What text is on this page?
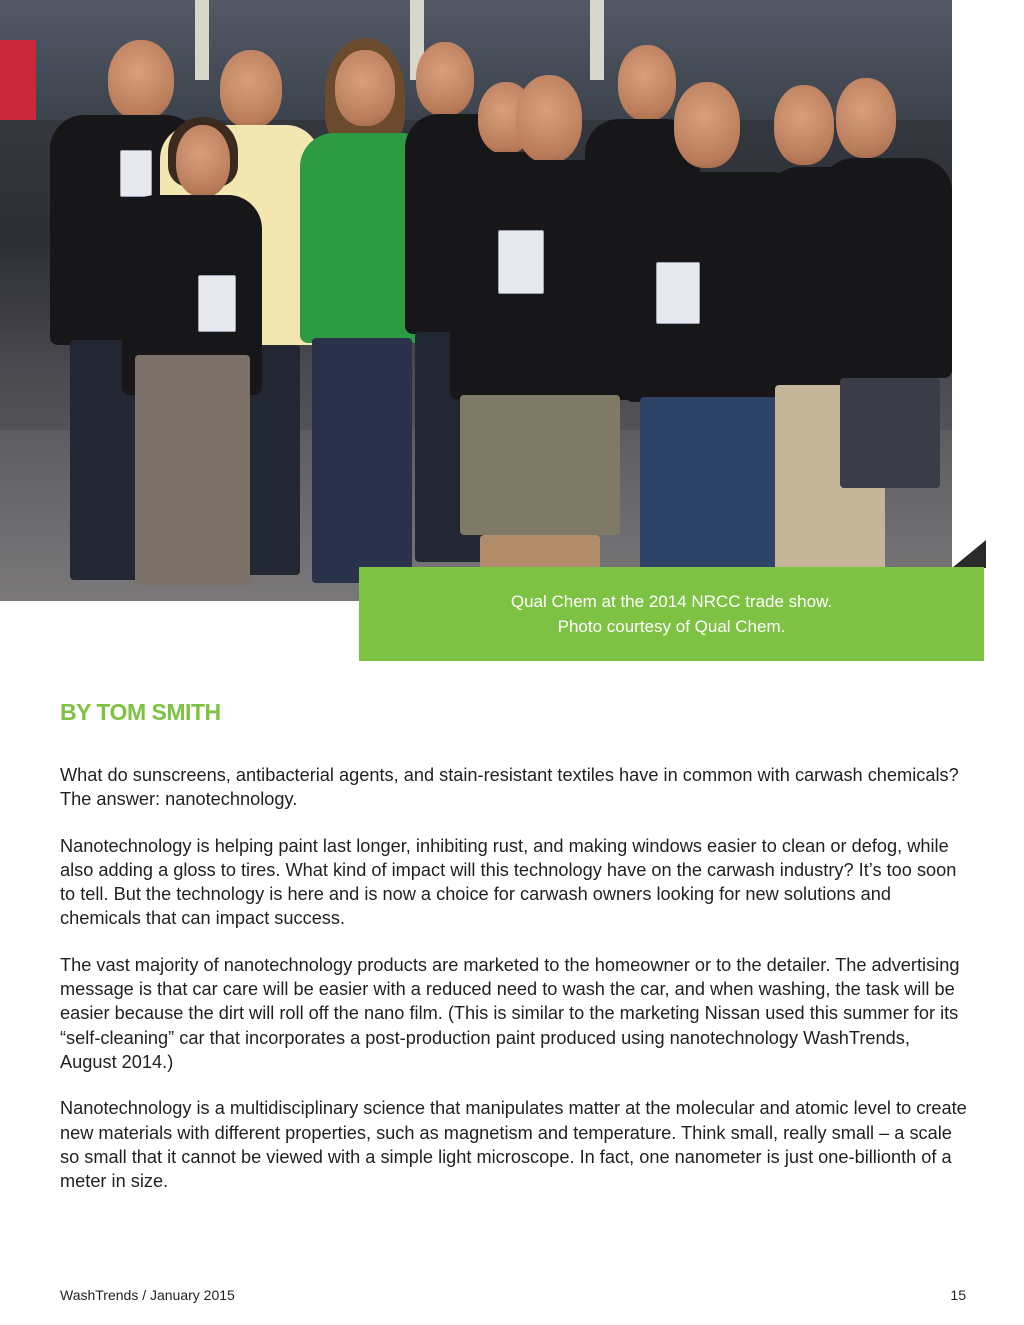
Qual Chem at the 2014 NRCC trade show.
Photo courtesy of Qual Chem.
BY TOM SMITH

What do sunscreens, antibacterial agents, and stain-resistant textiles have in common with carwash chemicals? The answer: nanotechnology.

Nanotechnology is helping paint last longer, inhibiting rust, and making windows easier to clean or defog, while also adding a gloss to tires. What kind of impact will this technology have on the carwash industry? It’s too soon to tell. But the technology is here and is now a choice for carwash owners looking for new solutions and chemicals that can impact success.

The vast majority of nanotechnology products are marketed to the homeowner or to the detailer. The advertising message is that car care will be easier with a reduced need to wash the car, and when washing, the task will be easier because the dirt will roll off the nano film. (This is similar to the marketing Nissan used this summer for its “self-cleaning” car that incorporates a post-production paint produced using nanotechnology WashTrends, August 2014.)

Nanotechnology is a multidisciplinary science that manipulates matter at the molecular and atomic level to create new materials with different properties, such as magnetism and temperature. Think small, really small – a scale so small that it cannot be viewed with a simple light microscope. In fact, one nanometer is just one-billionth of a meter in size.

WashTrends / January 2015	15
